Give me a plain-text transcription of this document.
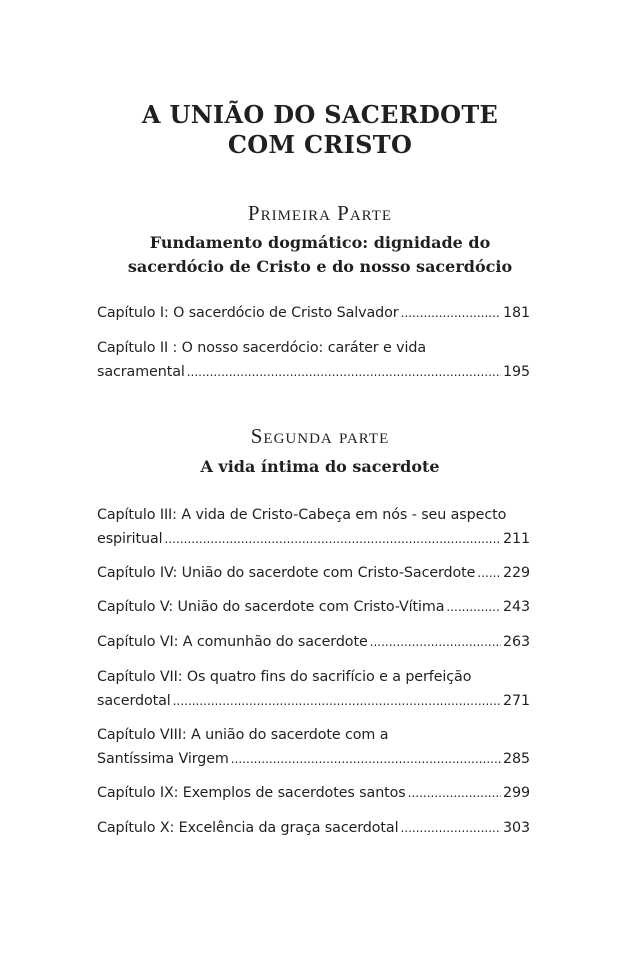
A UNIÃO DO SACERDOTE
COM CRISTO
Primeira Parte
Fundamento dogmático: dignidade do
sacerdócio de Cristo e do nosso sacerdócio
Capítulo I: O sacerdócio de Cristo Salvador .....	181
Capítulo II : O nosso sacerdócio: caráter e vida
sacramental .....	195
Segunda parte
A vida íntima do sacerdote
Capítulo III: A vida de Cristo-Cabeça em nós - seu aspecto
espiritual .....	211
Capítulo IV: União do sacerdote com Cristo-Sacerdote ..... 229
Capítulo V: União do sacerdote com Cristo-Vítima .....	243
Capítulo VI: A comunhão do sacerdote .....	263
Capítulo VII: Os quatro fins do sacrifício e a perfeição
sacerdotal .....	271
Capítulo VIII: A união do sacerdote com a
Santíssima Virgem .....	285
Capítulo IX: Exemplos de sacerdotes santos .....	299
Capítulo X: Excelência da graça sacerdotal .....	303
